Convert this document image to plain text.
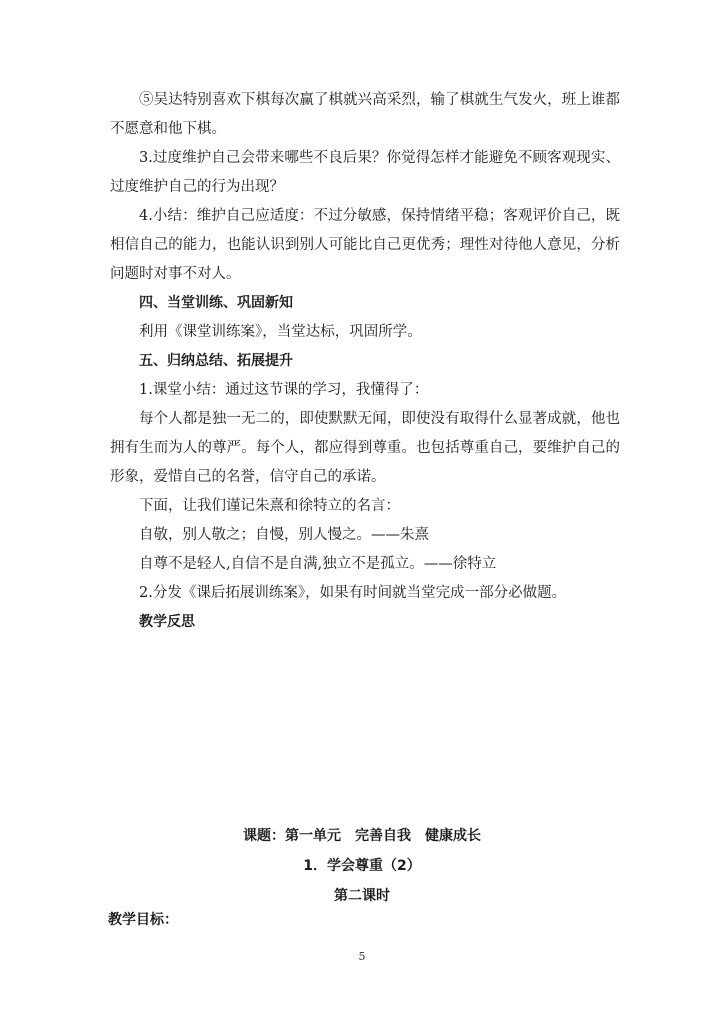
⑤吴达特别喜欢下棋每次赢了棋就兴高采烈，输了棋就生气发火，班上谁都不愿意和他下棋。
3.过度维护自己会带来哪些不良后果？你觉得怎样才能避免不顾客观现实、过度维护自己的行为出现？
4.小结：维护自己应适度：不过分敏感，保持情绪平稳；客观评价自己，既相信自己的能力，也能认识到别人可能比自己更优秀；理性对待他人意见，分析问题时对事不对人。
四、当堂训练、巩固新知
利用《课堂训练案》，当堂达标，巩固所学。
五、归纳总结、拓展提升
1.课堂小结：通过这节课的学习，我懂得了：
每个人都是独一无二的，即使默默无闻，即使没有取得什么显著成就，他也拥有生而为人的尊严。每个人，都应得到尊重。也包括尊重自己，要维护自己的形象，爱惜自己的名誉，信守自己的承诺。
下面，让我们谨记朱熹和徐特立的名言：
自敬，别人敬之；自慢，别人慢之。——朱熹
自尊不是轻人,自信不是自满,独立不是孤立。——徐特立
2.分发《课后拓展训练案》，如果有时间就当堂完成一部分必做题。
教学反思
课题：第一单元　完善自我　健康成长
1．学会尊重（2）
第二课时
教学目标：
5
